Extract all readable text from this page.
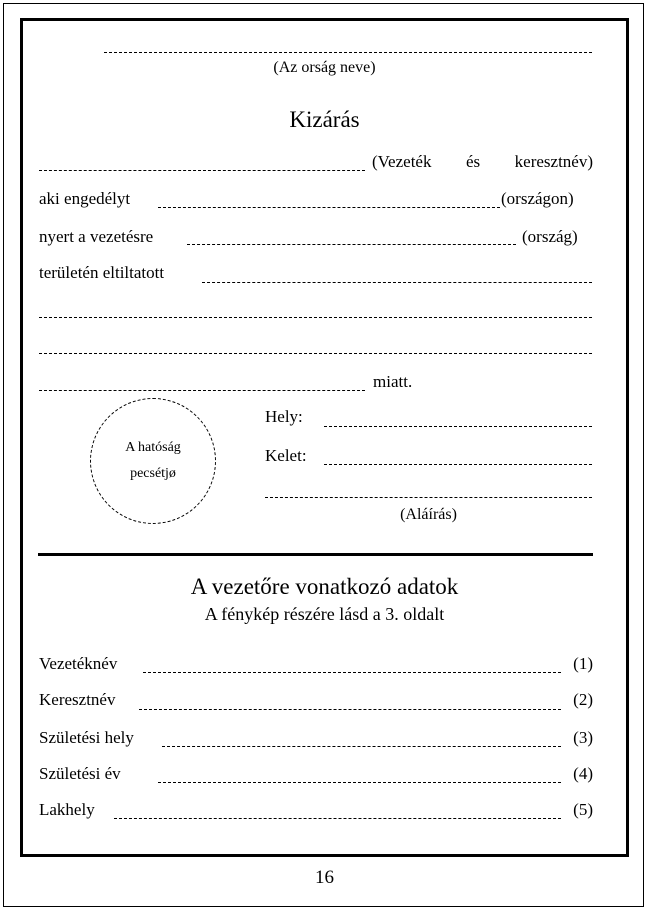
(Az orság neve)
Kizárás
(Vezeték és keresztnév)
aki engedélyt	(országon)
nyert a vezetésre	(ország)
területén eltiltatott
miatt.
A hatóság
pecsétjø
Hely:
Kelet:
(Aláírás)
A vezetőre vonatkozó adatok
A fénykép részére lásd a 3. oldalt
Vezetéknév	(1)
Keresztnév	(2)
Születési hely	(3)
Születési év	(4)
Lakhely	(5)
16
